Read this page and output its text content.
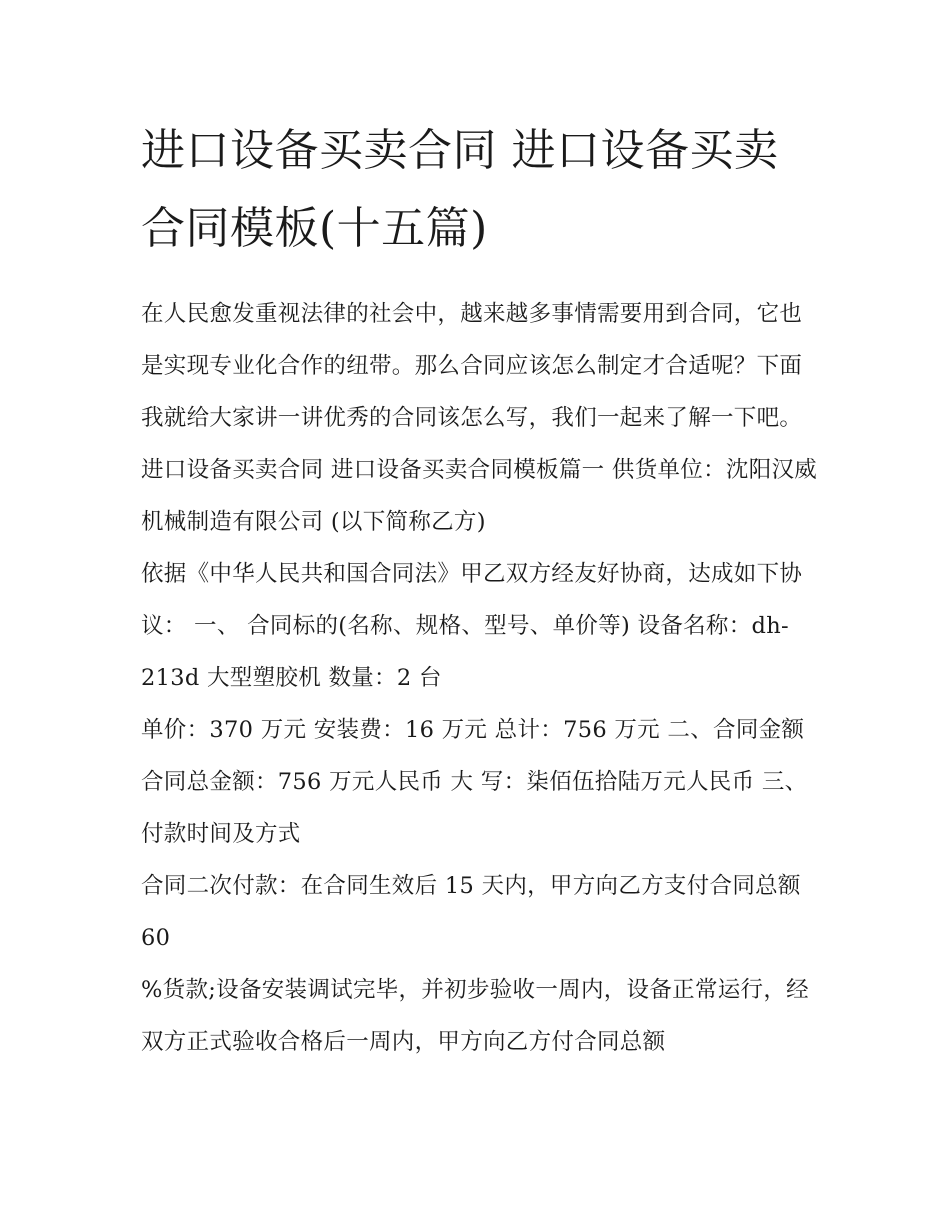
进口设备买卖合同 进口设备买卖合同模板(十五篇)

在人民愈发重视法律的社会中，越来越多事情需要用到合同，它也是实现专业化合作的纽带。那么合同应该怎么制定才合适呢？下面我就给大家讲一讲优秀的合同该怎么写，我们一起来了解一下吧。

进口设备买卖合同 进口设备买卖合同模板篇一 供货单位：沈阳汉威机械制造有限公司 (以下简称乙方)

依据《中华人民共和国合同法》甲乙双方经友好协商，达成如下协议： 一、 合同标的(名称、规格、型号、单价等) 设备名称：dh-213d 大型塑胶机 数量：2 台

单价：370 万元 安装费：16 万元 总计：756 万元 二、合同金额 合同总金额：756 万元人民币 大 写：柒佰伍拾陆万元人民币 三、付款时间及方式

合同二次付款：在合同生效后 15 天内，甲方向乙方支付合同总额 60

%货款;设备安装调试完毕，并初步验收一周内，设备正常运行，经双方正式验收合格后一周内，甲方向乙方付合同总额
